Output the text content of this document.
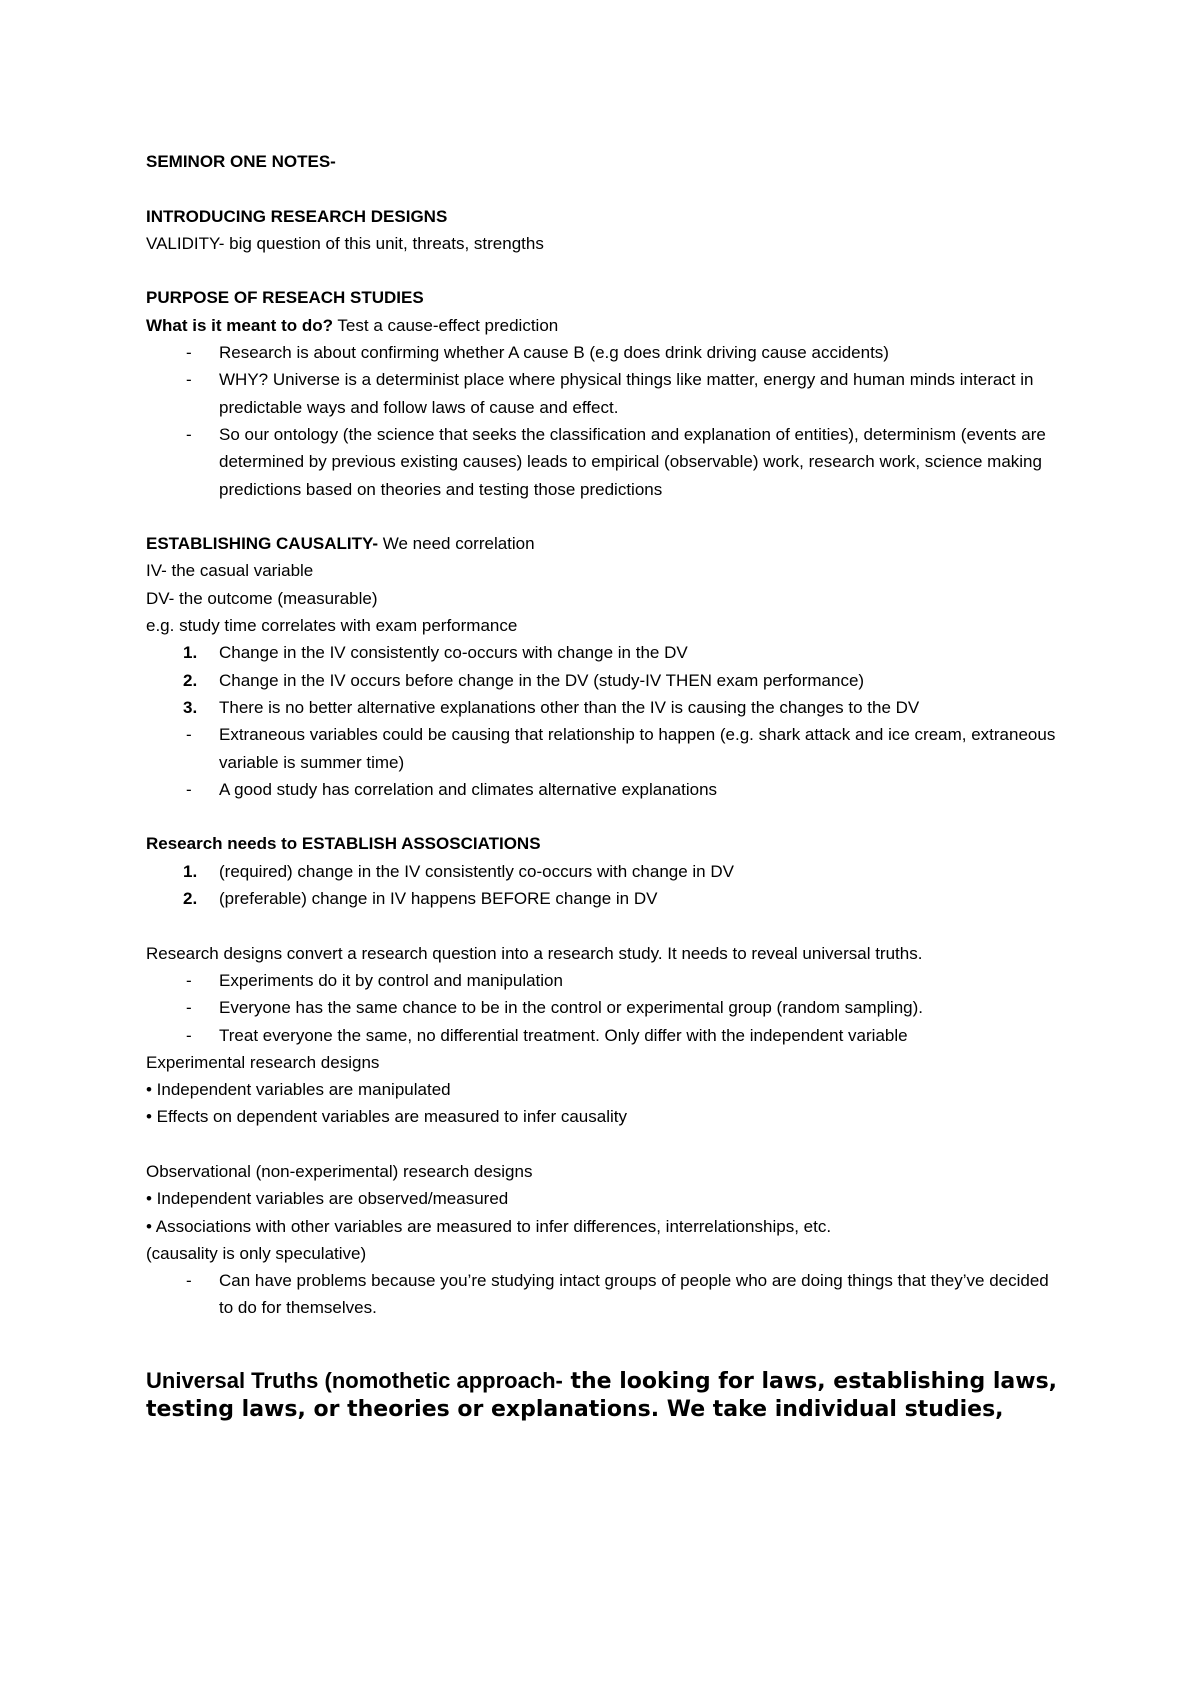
SEMINOR ONE NOTES-

INTRODUCING RESEARCH DESIGNS

VALIDITY- big question of this unit, threats, strengths

PURPOSE OF RESEACH STUDIES

What is it meant to do? Test a cause-effect prediction

- Research is about confirming whether A cause B (e.g does drink driving cause accidents)
- WHY? Universe is a determinist place where physical things like matter, energy and human minds interact in predictable ways and follow laws of cause and effect.
- So our ontology (the science that seeks the classification and explanation of entities), determinism (events are determined by previous existing causes) leads to empirical (observable) work, research work, science making predictions based on theories and testing those predictions

ESTABLISHING CAUSALITY- We need correlation

IV- the casual variable

DV- the outcome (measurable)

e.g. study time correlates with exam performance

1. Change in the IV consistently co-occurs with change in the DV
2. Change in the IV occurs before change in the DV (study-IV THEN exam performance)
3. There is no better alternative explanations other than the IV is causing the changes to the DV
- Extraneous variables could be causing that relationship to happen (e.g. shark attack and ice cream, extraneous variable is summer time)
- A good study has correlation and climates alternative explanations

Research needs to ESTABLISH ASSOSCIATIONS

1. (required) change in the IV consistently co-occurs with change in DV
2. (preferable) change in IV happens BEFORE change in DV

Research designs convert a research question into a research study. It needs to reveal universal truths.

- Experiments do it by control and manipulation
- Everyone has the same chance to be in the control or experimental group (random sampling).
- Treat everyone the same, no differential treatment. Only differ with the independent variable

Experimental research designs

• Independent variables are manipulated

• Effects on dependent variables are measured to infer causality

Observational (non-experimental) research designs

• Independent variables are observed/measured

• Associations with other variables are measured to infer differences, interrelationships, etc.

(causality is only speculative)

- Can have problems because you’re studying intact groups of people who are doing things that they’ve decided to do for themselves.

Universal Truths (nomothetic approach- the looking for laws, establishing laws, testing laws, or theories or explanations. We take individual studies,
